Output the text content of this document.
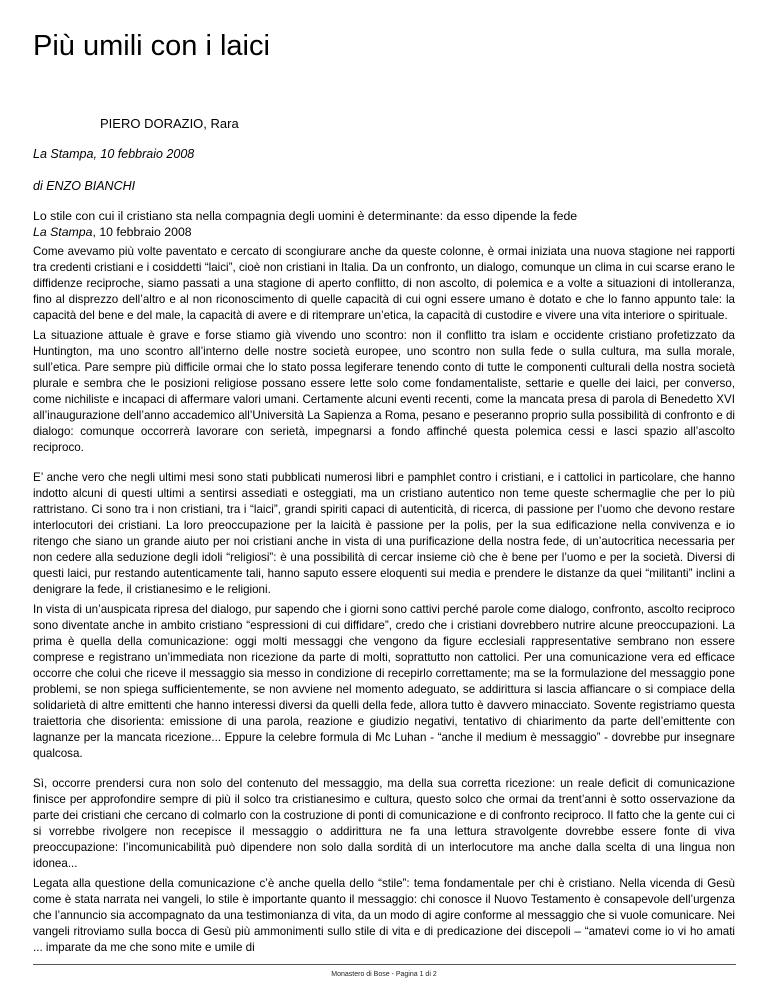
Più umili con i laici
PIERO DORAZIO, Rara
La Stampa, 10 febbraio 2008
di ENZO BIANCHI

Lo stile con cui il cristiano sta nella compagnia degli uomini è determinante: da esso dipende la fede

La Stampa, 10 febbraio 2008

Come avevamo più volte paventato e cercato di scongiurare anche da queste colonne, è ormai iniziata una nuova stagione nei rapporti tra credenti cristiani e i cosiddetti “laici”, cioè non cristiani in Italia. Da un confronto, un dialogo, comunque un clima in cui scarse erano le diffidenze reciproche, siamo passati a una stagione di aperto conflitto, di non ascolto, di polemica e a volte a situazioni di intolleranza, fino al disprezzo dell’altro e al non riconoscimento di quelle capacità di cui ogni essere umano è dotato e che lo fanno appunto tale: la capacità del bene e del male, la capacità di avere e di ritemprare un’etica, la capacità di custodire e vivere una vita interiore o spirituale.

La situazione attuale è grave e forse stiamo già vivendo uno scontro: non il conflitto tra islam e occidente cristiano profetizzato da Huntington, ma uno scontro all’interno delle nostre società europee, uno scontro non sulla fede o sulla cultura, ma sulla morale, sull’etica. Pare sempre più difficile ormai che lo stato possa legiferare tenendo conto di tutte le componenti culturali della nostra società plurale e sembra che le posizioni religiose possano essere lette solo come fondamentaliste, settarie e quelle dei laici, per converso, come nichiliste e incapaci di affermare valori umani. Certamente alcuni eventi recenti, come la mancata presa di parola di Benedetto XVI all’inaugurazione dell’anno accademico all’Università La Sapienza a Roma, pesano e peseranno proprio sulla possibilità di confronto e di dialogo: comunque occorrerà lavorare con serietà, impegnarsi a fondo affinché questa polemica cessi e lasci spazio all’ascolto reciproco.

E’ anche vero che negli ultimi mesi sono stati pubblicati numerosi libri e pamphlet contro i cristiani, e i cattolici in particolare, che hanno indotto alcuni di questi ultimi a sentirsi assediati e osteggiati, ma un cristiano autentico non teme queste schermaglie che per lo più rattristano. Ci sono tra i non cristiani, tra i “laici”, grandi spiriti capaci di autenticità, di ricerca, di passione per l’uomo che devono restare interlocutori dei cristiani. La loro preoccupazione per la laicità è passione per la polis, per la sua edificazione nella convivenza e io ritengo che siano un grande aiuto per noi cristiani anche in vista di una purificazione della nostra fede, di un’autocritica necessaria per non cedere alla seduzione degli idoli “religiosi”: è una possibilità di cercar insieme ciò che è bene per l’uomo e per la società. Diversi di questi laici, pur restando autenticamente tali, hanno saputo essere eloquenti sui media e prendere le distanze da quei “militanti” inclini a denigrare la fede, il cristianesimo e le religioni.

In vista di un’auspicata ripresa del dialogo, pur sapendo che i giorni sono cattivi perché parole come dialogo, confronto, ascolto reciproco sono diventate anche in ambito cristiano “espressioni di cui diffidare”, credo che i cristiani dovrebbero nutrire alcune preoccupazioni. La prima è quella della comunicazione: oggi molti messaggi che vengono da figure ecclesiali rappresentative sembrano non essere comprese e registrano un’immediata non ricezione da parte di molti, soprattutto non cattolici. Per una comunicazione vera ed efficace occorre che colui che riceve il messaggio sia messo in condizione di recepirlo correttamente; ma se la formulazione del messaggio pone problemi, se non spiega sufficientemente, se non avviene nel momento adeguato, se addirittura si lascia affiancare o si compiace della solidarietà di altre emittenti che hanno interessi diversi da quelli della fede, allora tutto è davvero minacciato. Sovente registriamo questa traiettoria che disorienta: emissione di una parola, reazione e giudizio negativi, tentativo di chiarimento da parte dell’emittente con lagnanze per la mancata ricezione... Eppure la celebre formula di Mc Luhan - “anche il medium è messaggio” - dovrebbe pur insegnare qualcosa.

Sì, occorre prendersi cura non solo del contenuto del messaggio, ma della sua corretta ricezione: un reale deficit di comunicazione finisce per approfondire sempre di più il solco tra cristianesimo e cultura, questo solco che ormai da trent’anni è sotto osservazione da parte dei cristiani che cercano di colmarlo con la costruzione di ponti di comunicazione e di confronto reciproco. Il fatto che la gente cui ci si vorrebbe rivolgere non recepisce il messaggio o addirittura ne fa una lettura stravolgente dovrebbe essere fonte di viva preoccupazione: l’incomunicabilità può dipendere non solo dalla sordità di un interlocutore ma anche dalla scelta di una lingua non idonea...

Legata alla questione della comunicazione c’è anche quella dello “stile”: tema fondamentale per chi è cristiano. Nella vicenda di Gesù come è stata narrata nei vangeli, lo stile è importante quanto il messaggio: chi conosce il Nuovo Testamento è consapevole dell’urgenza che l’annuncio sia accompagnato da una testimonianza di vita, da un modo di agire conforme al messaggio che si vuole comunicare. Nei vangeli ritroviamo sulla bocca di Gesù più ammonimenti sullo stile di vita e di predicazione dei discepoli – “amatevi come io vi ho amati ... imparate da me che sono mite e umile di

Monastero di Bose - Pagina 1 di 2
